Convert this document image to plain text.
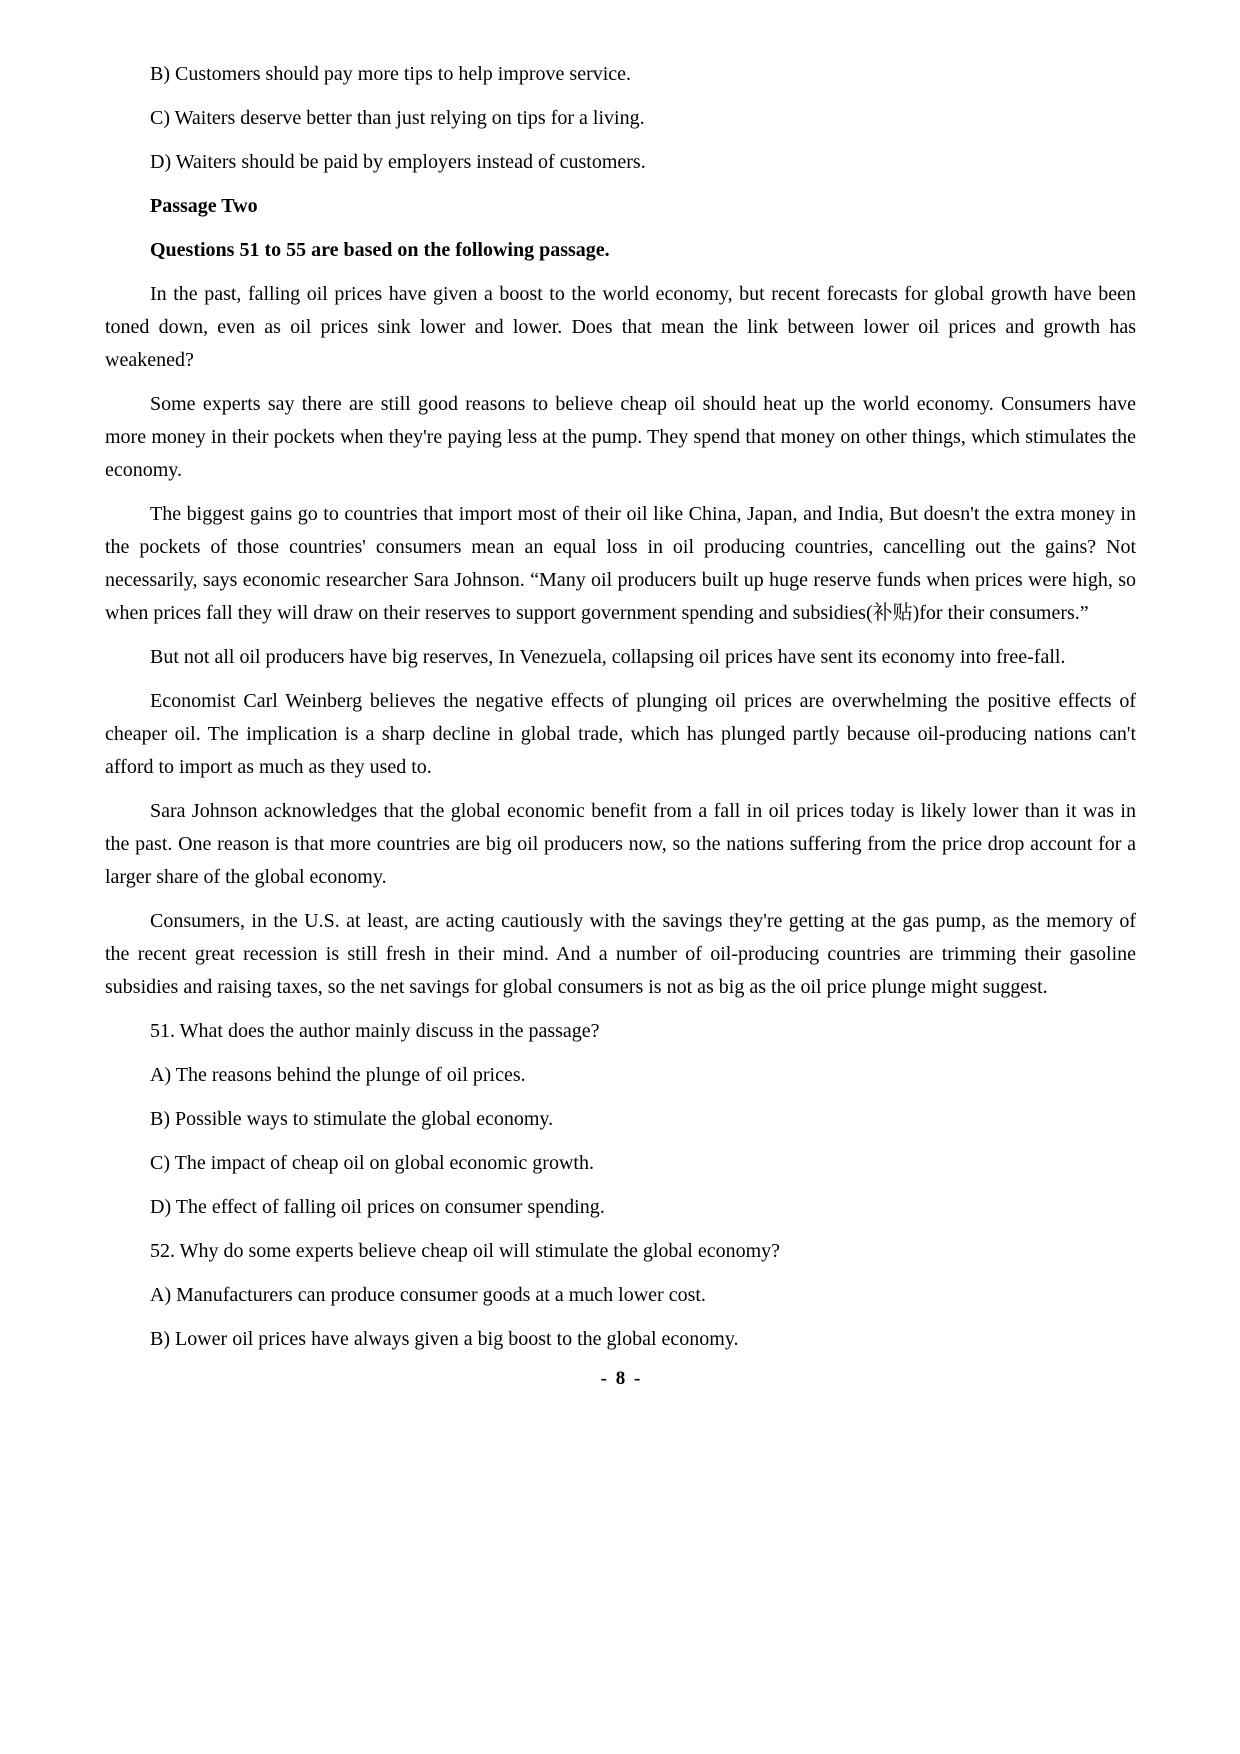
B) Customers should pay more tips to help improve service.

C) Waiters deserve better than just relying on tips for a living.

D) Waiters should be paid by employers instead of customers.

Passage Two

Questions 51 to 55 are based on the following passage.

In the past, falling oil prices have given a boost to the world economy, but recent forecasts for global growth have been toned down, even as oil prices sink lower and lower. Does that mean the link between lower oil prices and growth has weakened?

Some experts say there are still good reasons to believe cheap oil should heat up the world economy. Consumers have more money in their pockets when they're paying less at the pump. They spend that money on other things, which stimulates the economy.

The biggest gains go to countries that import most of their oil like China, Japan, and India, But doesn't the extra money in the pockets of those countries' consumers mean an equal loss in oil producing countries, cancelling out the gains? Not necessarily, says economic researcher Sara Johnson. “Many oil producers built up huge reserve funds when prices were high, so when prices fall they will draw on their reserves to support government spending and subsidies(补贴)for their consumers.”

But not all oil producers have big reserves, In Venezuela, collapsing oil prices have sent its economy into free-fall.

Economist Carl Weinberg believes the negative effects of plunging oil prices are overwhelming the positive effects of cheaper oil. The implication is a sharp decline in global trade, which has plunged partly because oil-producing nations can't afford to import as much as they used to.

Sara Johnson acknowledges that the global economic benefit from a fall in oil prices today is likely lower than it was in the past. One reason is that more countries are big oil producers now, so the nations suffering from the price drop account for a larger share of the global economy.

Consumers, in the U.S. at least, are acting cautiously with the savings they're getting at the gas pump, as the memory of the recent great recession is still fresh in their mind. And a number of oil-producing countries are trimming their gasoline subsidies and raising taxes, so the net savings for global consumers is not as big as the oil price plunge might suggest.

51. What does the author mainly discuss in the passage?

A) The reasons behind the plunge of oil prices.

B) Possible ways to stimulate the global economy.

C) The impact of cheap oil on global economic growth.

D) The effect of falling oil prices on consumer spending.

52. Why do some experts believe cheap oil will stimulate the global economy?

A) Manufacturers can produce consumer goods at a much lower cost.

B) Lower oil prices have always given a big boost to the global economy.

- 8 -
